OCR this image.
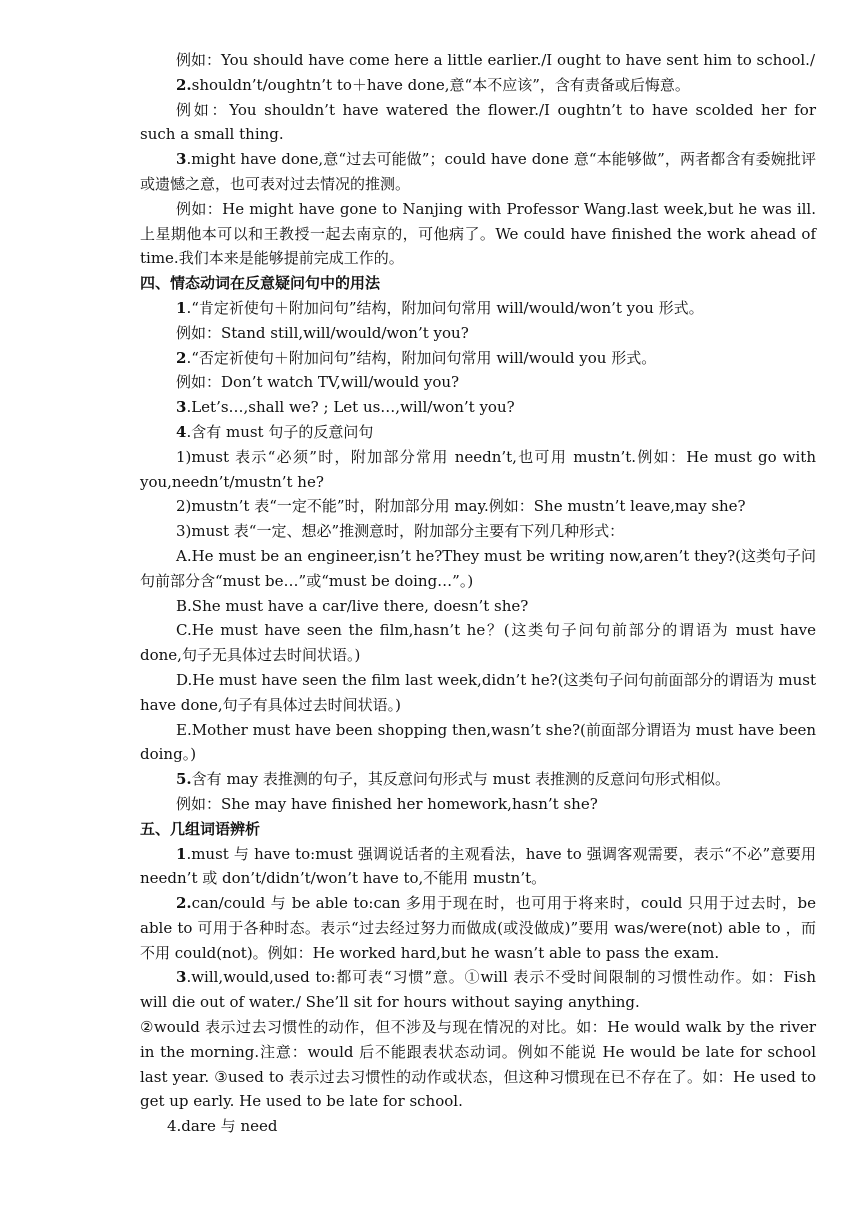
例如：You should have come here a little earlier./I ought to have sent him to school./

2.shouldn’t/oughtn’t to＋have done,意“本不应该”，含有责备或后悔意。

例如：You shouldn’t have watered the flower./I oughtn’t to have scolded her for such a small thing.

3.might have done,意“过去可能做”；could have done 意“本能够做”，两者都含有委婉批评或遗憾之意，也可表对过去情况的推测。

例如：He might have gone to Nanjing with Professor Wang.last week,but he was ill.上星期他本可以和王教授一起去南京的，可他病了。We could have finished the work ahead of time.我们本来是能够提前完成工作的。

四、情态动词在反意疑问句中的用法

1.“肯定祈使句＋附加问句”结构，附加问句常用 will/would/won’t you 形式。

例如：Stand still,will/would/won’t you?

2.“否定祈使句＋附加问句”结构，附加问句常用 will/would you 形式。

例如：Don’t watch TV,will/would you?

3.Let’s…,shall we? ; Let us…,will/won’t you?

4.含有 must 句子的反意问句

1)must 表示“必须”时，附加部分常用 needn’t,也可用 mustn’t.例如：He must go with you,needn’t/mustn’t he?

2)mustn’t 表“一定不能”时，附加部分用 may.例如：She mustn’t leave,may she?

3)must 表“一定、想必”推测意时，附加部分主要有下列几种形式：

A.He must be an engineer,isn’t he?They must be writing now,aren’t they?(这类句子问句前部分含“must be…”或“must be doing…”。)

B.She must have a car/live there, doesn’t she?

C.He must have seen the film,hasn’t he？(这类句子问句前部分的谓语为 must have done,句子无具体过去时间状语。)

D.He must have seen the film last week,didn’t he?(这类句子问句前面部分的谓语为 must have done,句子有具体过去时间状语。)

E.Mother must have been shopping then,wasn’t she?(前面部分谓语为 must have been doing。)

5.含有 may 表推测的句子，其反意问句形式与 must 表推测的反意问句形式相似。

例如：She may have finished her homework,hasn’t she?

五、几组词语辨析

1.must 与 have to:must 强调说话者的主观看法，have to 强调客观需要，表示“不必”意要用 needn’t 或 don’t/didn’t/won’t have to,不能用 mustn’t。

2.can/could 与 be able to:can 多用于现在时，也可用于将来时，could 只用于过去时，be able to 可用于各种时态。表示“过去经过努力而做成(或没做成)”要用 was/were(not) able to ，而不用 could(not)。例如：He worked hard,but he wasn’t able to pass the exam.

3.will,would,used to:都可表“习惯”意。①will 表示不受时间限制的习惯性动作。如：Fish will die out of water./ She’ll sit for hours without saying anything.

②would 表示过去习惯性的动作，但不涉及与现在情况的对比。如：He would walk by the river in the morning.注意：would 后不能跟表状态动词。例如不能说 He would be late for school last year. ③used to 表示过去习惯性的动作或状态，但这种习惯现在已不存在了。如：He used to get up early. He used to be late for school.

4.dare 与 need
